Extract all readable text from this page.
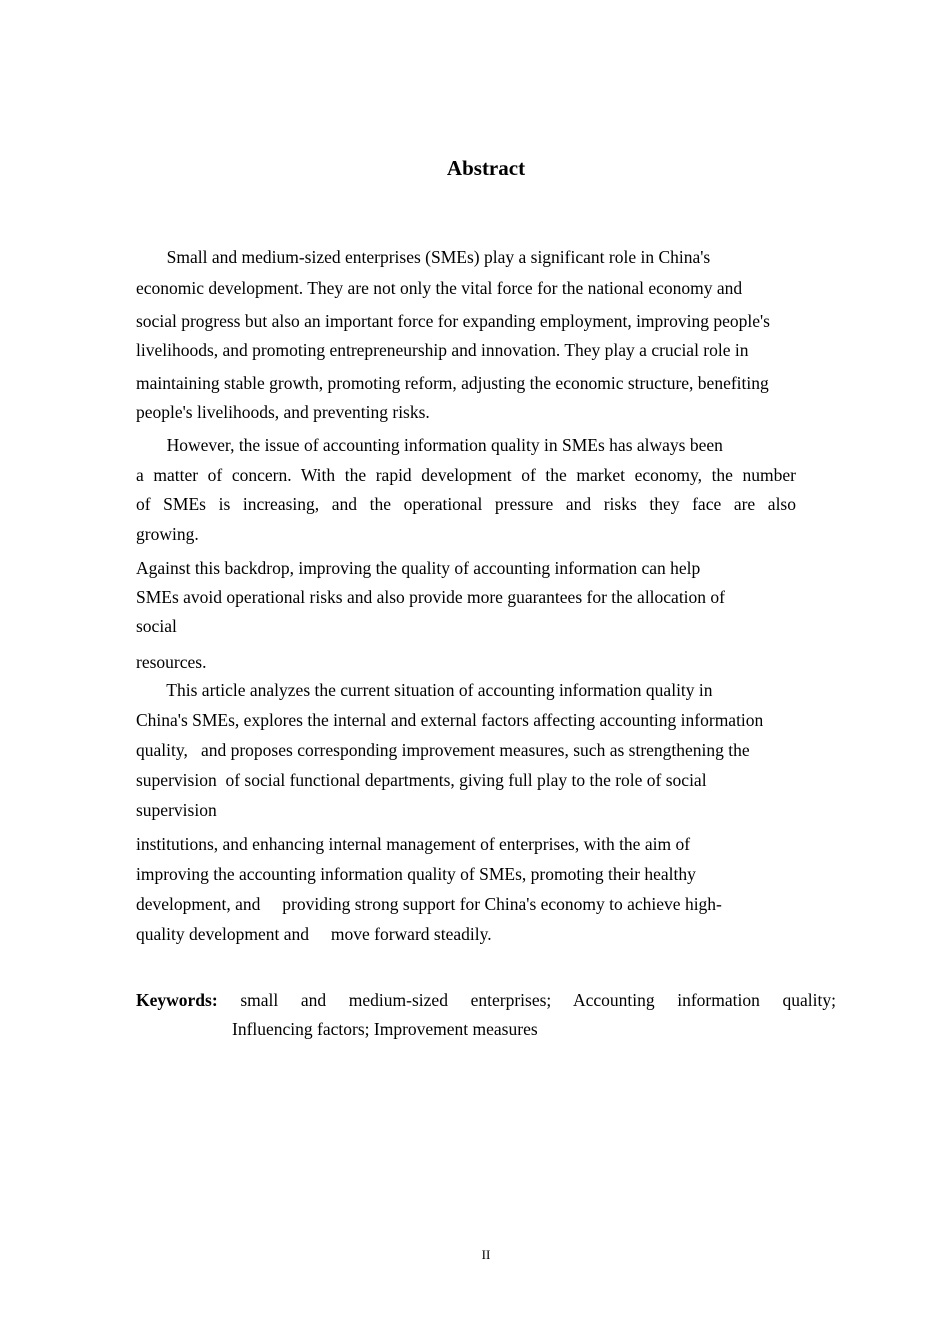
Abstract

Small and medium-sized enterprises (SMEs) play a significant role in China's

economic development. They are not only the vital force for the national economy and

social progress but also an important force for expanding employment, improving people's

livelihoods, and promoting entrepreneurship and innovation. They play a crucial role in

maintaining stable growth, promoting reform, adjusting the economic structure, benefiting

people's livelihoods, and preventing risks.

However, the issue of accounting information quality in SMEs has always been

a matter of concern. With the rapid development of the market economy, the number

of SMEs is increasing, and the operational pressure and risks they face are also

growing.

Against this backdrop, improving the quality of accounting information can help

SMEs avoid operational risks and also provide more guarantees for the allocation of

social

resources.

This article analyzes the current situation of accounting information quality in

China's SMEs, explores the internal and external factors affecting accounting information

quality,   and proposes corresponding improvement measures, such as strengthening the

supervision  of social functional departments, giving full play to the role of social

supervision

institutions, and enhancing internal management of enterprises, with the aim of

improving the accounting information quality of SMEs, promoting their healthy

development, and     providing strong support for China's economy to achieve high-

quality development and     move forward steadily.

Keywords: small and medium-sized enterprises; Accounting information quality;

Influencing factors; Improvement measures

II
